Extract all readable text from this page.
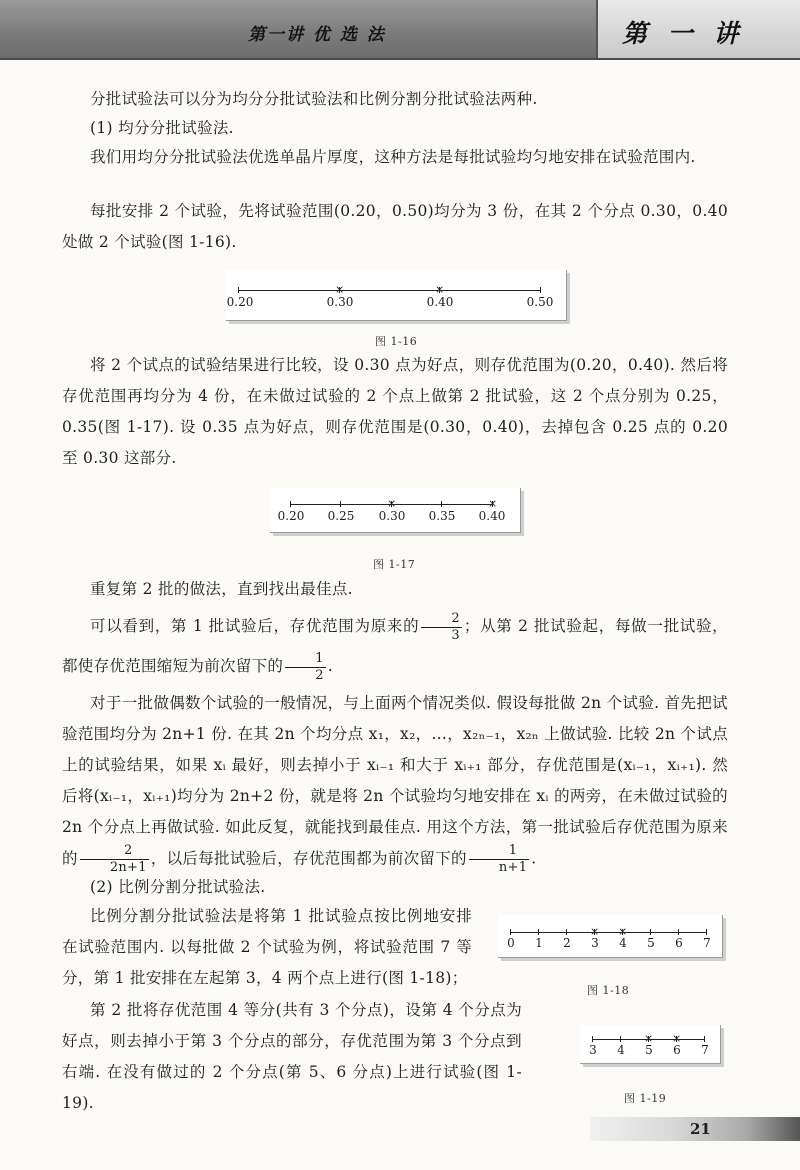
第一讲 优 选 法	第 一 讲

分批试验法可以分为均分分批试验法和比例分割分批试验法两种.

(1) 均分分批试验法.

我们用均分分批试验法优选单晶片厚度，这种方法是每批试验均匀地安排在试验范围内.

每批安排 2 个试验，先将试验范围(0.20，0.50)均分为 3 份，在其 2 个分点 0.30，0.40 处做 2 个试验(图 1-16).

×	×
0.20	0.30	0.40	0.50
图 1-16

将 2 个试点的试验结果进行比较，设 0.30 点为好点，则存优范围为(0.20，0.40). 然后将存优范围再均分为 4 份，在未做过试验的 2 个点上做第 2 批试验，这 2 个点分别为 0.25，0.35(图 1-17). 设 0.35 点为好点，则存优范围是(0.30，0.40)，去掉包含 0.25 点的 0.20 至 0.30 这部分.

×	×
0.20 0.25 0.30 0.35 0.40
图 1-17

重复第 2 批的做法，直到找出最佳点.

可以看到，第 1 批试验后，存优范围为原来的 $\frac{2}{3}$ ；从第 2 批试验起，每做一批试验，都使存优范围缩短为前次留下的 $\frac{1}{2}$ .

对于一批做偶数个试验的一般情况，与上面两个情况类似. 假设每批做 2n 个试验. 首先把试验范围均分为 2n+1 份. 在其 2n 个均分点 x₁，x₂，…，x₂ₙ₋₁，x₂ₙ 上做试验. 比较 2n 个试点上的试验结果，如果 xᵢ 最好，则去掉小于 xᵢ₋₁ 和大于 xᵢ₊₁ 部分，存优范围是(xᵢ₋₁，xᵢ₊₁). 然后将(xᵢ₋₁，xᵢ₊₁)均分为 2n+2 份，就是将 2n 个试验均匀地安排在 xᵢ 的两旁，在未做过试验的 2n 个分点上再做试验. 如此反复，就能找到最佳点. 用这个方法，第一批试验后存优范围为原来的 $\frac{2}{2n+1}$ ，以后每批试验后，存优范围都为前次留下的 $\frac{1}{n+1}$ .

(2) 比例分割分批试验法.

比例分割分批试验法是将第 1 批试验点按比例地安排在试验范围内. 以每批做 2 个试验为例，将试验范围 7 等分，第 1 批安排在左起第 3，4 两个点上进行(图 1-18)；

第 2 批将存优范围 4 等分(共有 3 个分点)，设第 4 个分点为好点，则去掉小于第 3 个分点的部分，存优范围为第 3 个分点到右端. 在没有做过的 2 个分点(第 5、6 分点)上进行试验(图 1-19).

× ×
0 1 2 3 4 5 6 7
图 1-18
× ×
3 4 5 6 7
图 1-19
21
